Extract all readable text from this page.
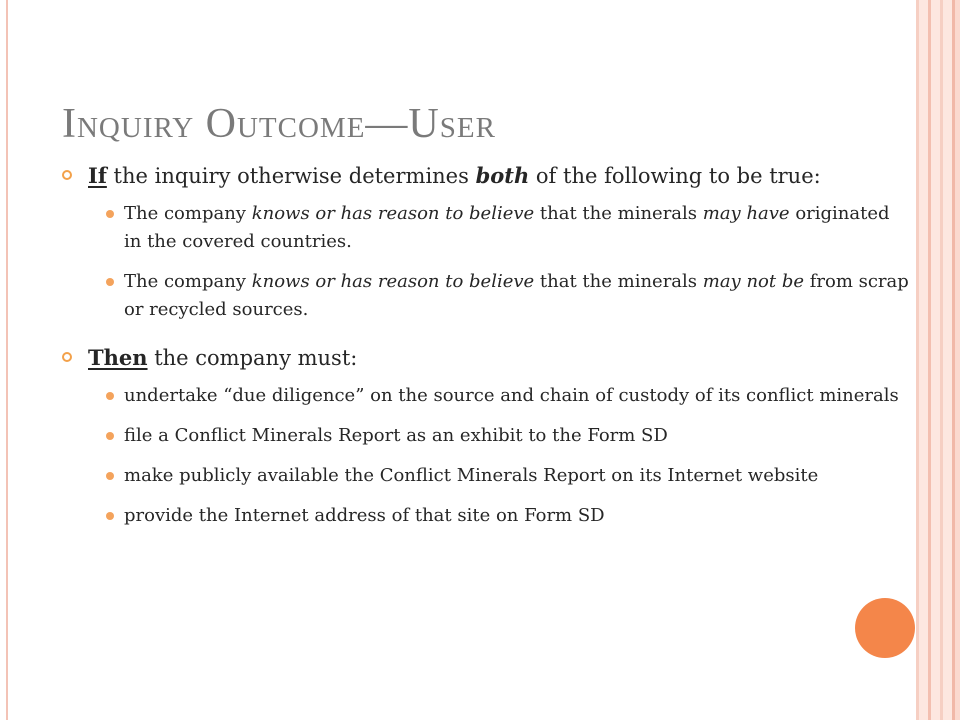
Inquiry Outcome—User
If the inquiry otherwise determines both of the following to be true:
The company knows or has reason to believe that the minerals may have originated in the covered countries.
The company knows or has reason to believe that the minerals may not be from scrap or recycled sources.
Then the company must:
undertake “due diligence” on the source and chain of custody of its conflict minerals
file a Conflict Minerals Report as an exhibit to the Form SD
make publicly available the Conflict Minerals Report on its Internet website
provide the Internet address of that site on Form SD
